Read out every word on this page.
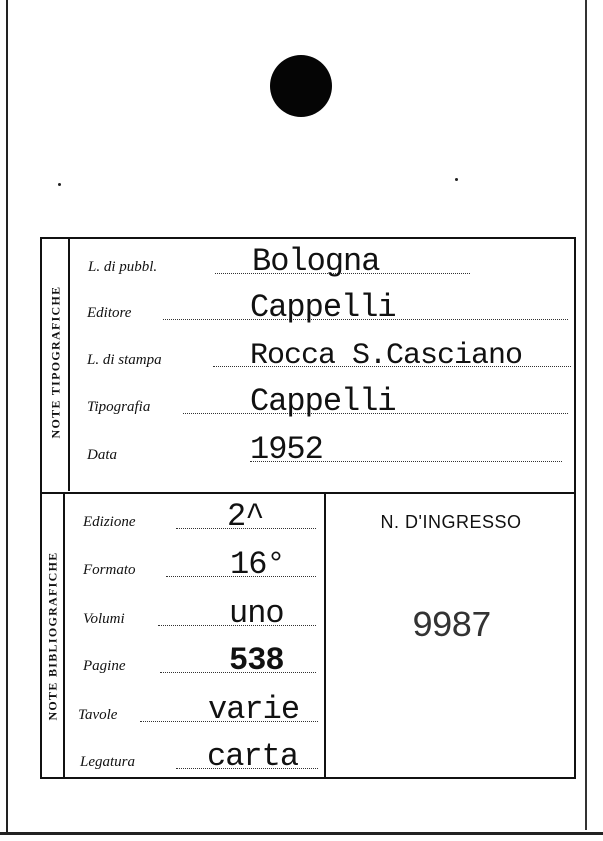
NOTE TIPOGRAFICHE
NOTE BIBLIOGRAFICHE
L. di pubbl.	Bologna
Editore	Cappelli
L. di stampa	Rocca S.Casciano
Tipografia	Cappelli
Data	1952
Edizione	2^
Formato	16°
Volumi	uno
Pagine	538
Tavole	varie
Legatura carta
N. D'INGRESSO
9987
